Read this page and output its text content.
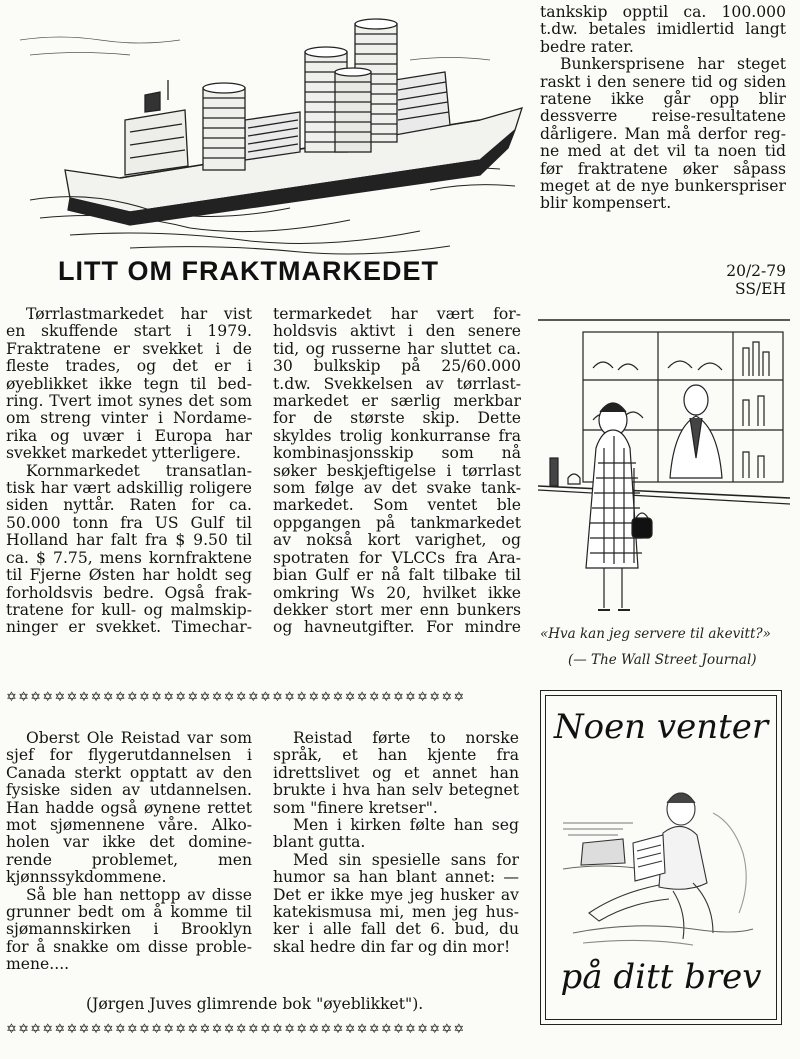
LITT OM FRAKTMARKEDET
Tørrlastmarkedet har vist
en skuffende start i 1979.
Fraktratene er svekket i de
fleste trades, og det er i
øyeblikket ikke tegn til bed-
ring. Tvert imot synes det som
om streng vinter i Nordame-
rika og uvær i Europa har
svekket markedet ytterligere.
Kornmarkedet transatlan-
tisk har vært adskillig roligere
siden nyttår. Raten for ca.
50.000 tonn fra US Gulf til
Holland har falt fra $ 9.50 til
ca. $ 7.75, mens kornfraktene
til Fjerne Østen har holdt seg
forholdsvis bedre. Også frak-
tratene for kull- og malmskip-
ninger er svekket. Timechar-
termarkedet har vært for-
holdsvis aktivt i den senere
tid, og russerne har sluttet ca.
30 bulkskip på 25/60.000
t.dw. Svekkelsen av tørrlast-
markedet er særlig merkbar
for de største skip. Dette
skyldes trolig konkurranse fra
kombinasjonsskip som nå
søker beskjeftigelse i tørrlast
som følge av det svake tank-
markedet. Som ventet ble
oppgangen på tankmarkedet
av nokså kort varighet, og
spotraten for VLCCs fra Ara-
bian Gulf er nå falt tilbake til
omkring Ws 20, hvilket ikke
dekker stort mer enn bunkers
og havneutgifter. For mindre
tankskip opptil ca. 100.000
t.dw. betales imidlertid langt
bedre rater.
Bunkersprisene har steget
raskt i den senere tid og siden
ratene ikke går opp blir
dessverre reise-resultatene
dårligere. Man må derfor reg-
ne med at det vil ta noen tid
før fraktratene øker såpass
meget at de nye bunkerspriser
blir kompensert.
20/2-79
SS/EH
«Hva kan jeg servere til akevitt?»
(— The Wall Street Journal)
✡✡✡✡✡✡✡✡✡✡✡✡✡✡✡✡✡✡✡✡✡✡✡✡✡✡✡✡✡✡✡✡✡✡✡✡✡✡
✡✡✡✡✡✡✡✡✡✡✡✡✡✡✡✡✡✡✡✡✡✡✡✡✡✡✡✡✡✡✡✡✡✡✡✡✡✡
Oberst Ole Reistad var som
sjef for flygerutdannelsen i
Canada sterkt opptatt av den
fysiske siden av utdannelsen.
Han hadde også øynene rettet
mot sjømennene våre. Alko-
holen var ikke det domine-
rende problemet, men
kjønnssykdommene.
Så ble han nettopp av disse
grunner bedt om å komme til
sjømannskirken i Brooklyn
for å snakke om disse proble-
mene....
Reistad førte to norske
språk, et han kjente fra
idrettslivet og et annet han
brukte i hva han selv betegnet
som "finere kretser".
Men i kirken følte han seg
blant gutta.
Med sin spesielle sans for
humor sa han blant annet: —
Det er ikke mye jeg husker av
katekismusa mi, men jeg hus-
ker i alle fall det 6. bud, du
skal hedre din far og din mor!
(Jørgen Juves glimrende bok "øyeblikket").
Noen venter
på ditt brev
